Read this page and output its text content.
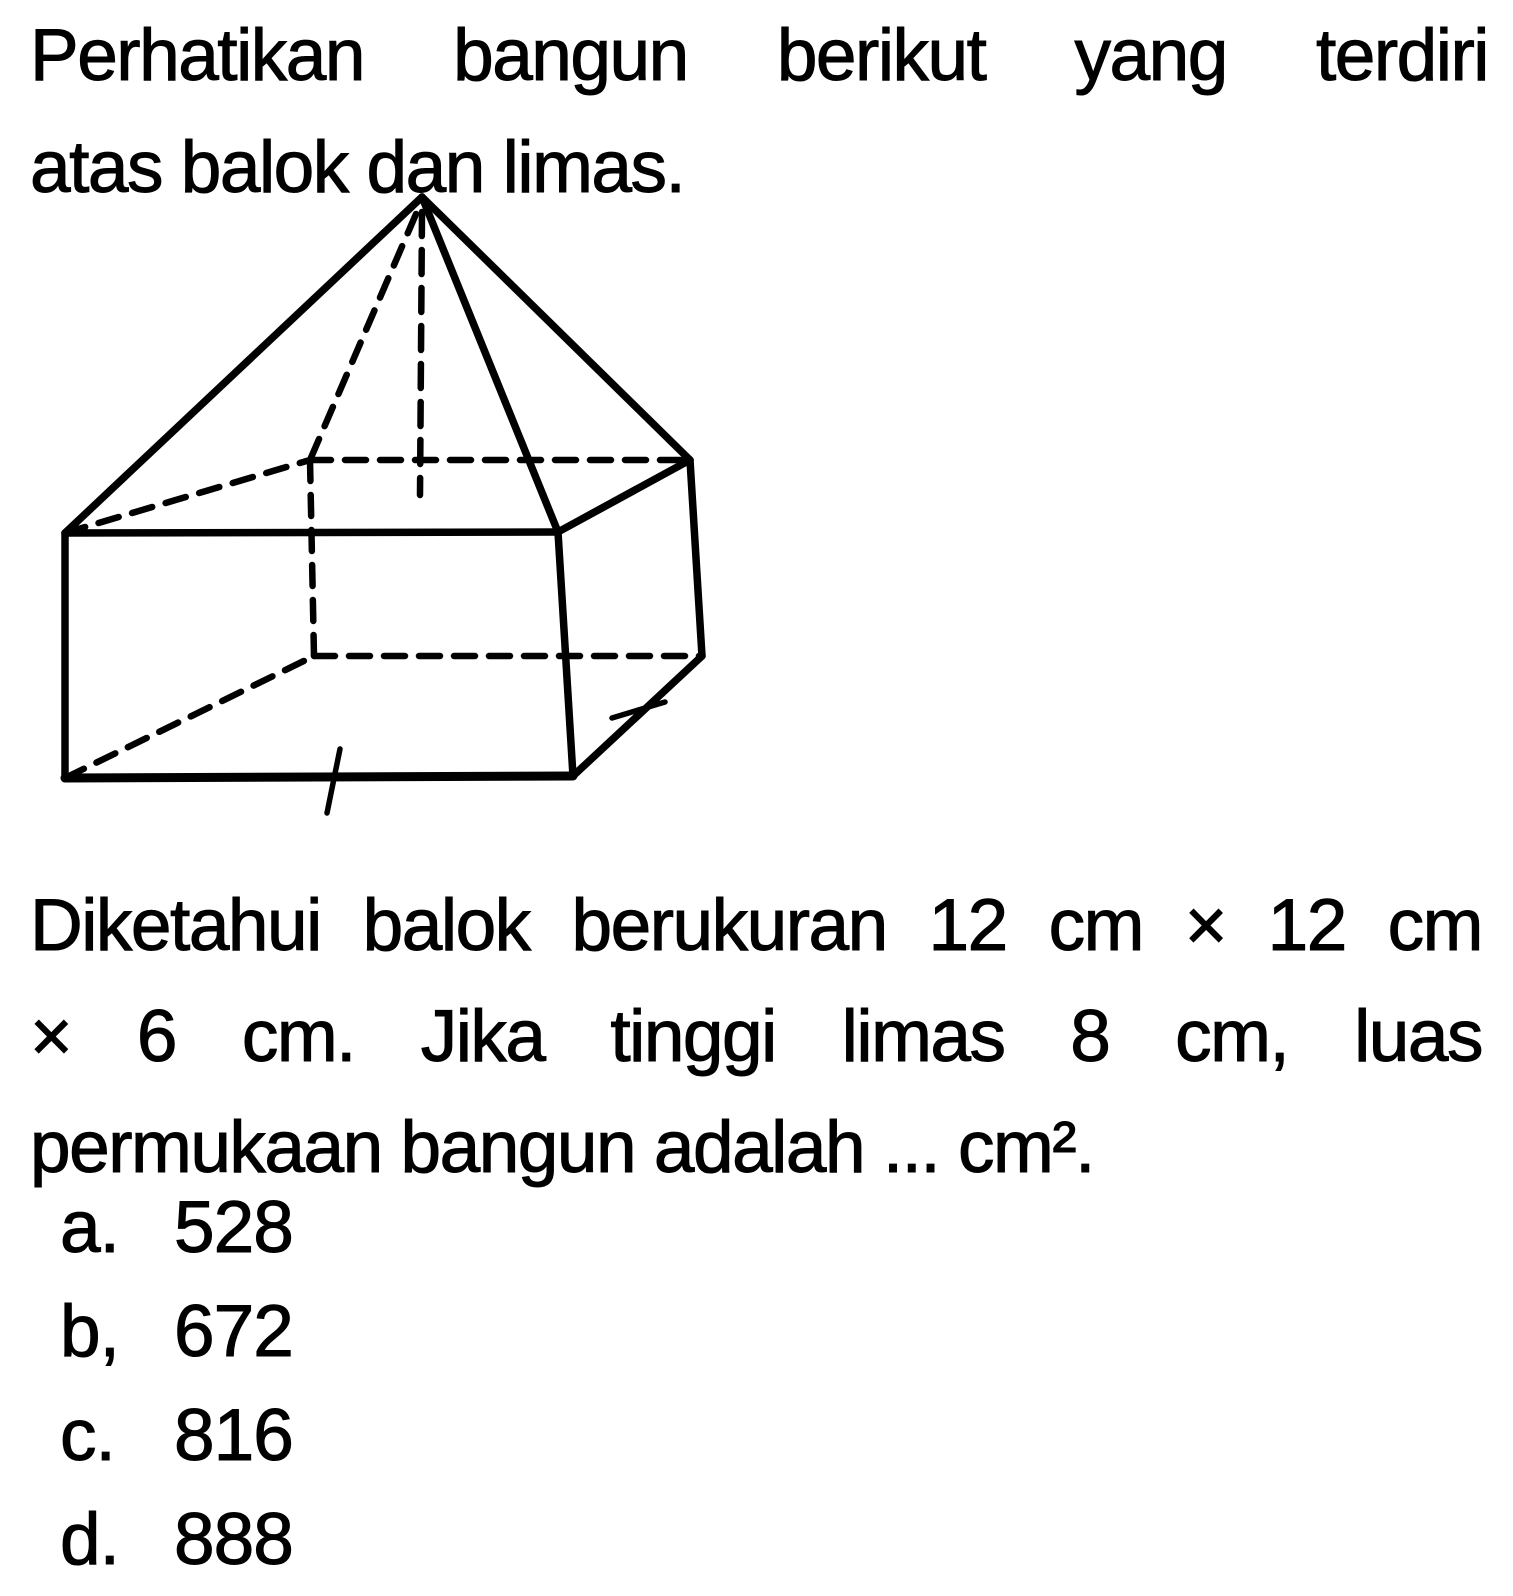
Perhatikan bangun berikut yang terdiri
atas balok dan limas.
Diketahui balok berukuran 12 cm × 12 cm
× 6 cm. Jika tinggi limas 8 cm, luas
permukaan bangun adalah ... cm².
a. 528
b, 672
c. 816
d. 888
